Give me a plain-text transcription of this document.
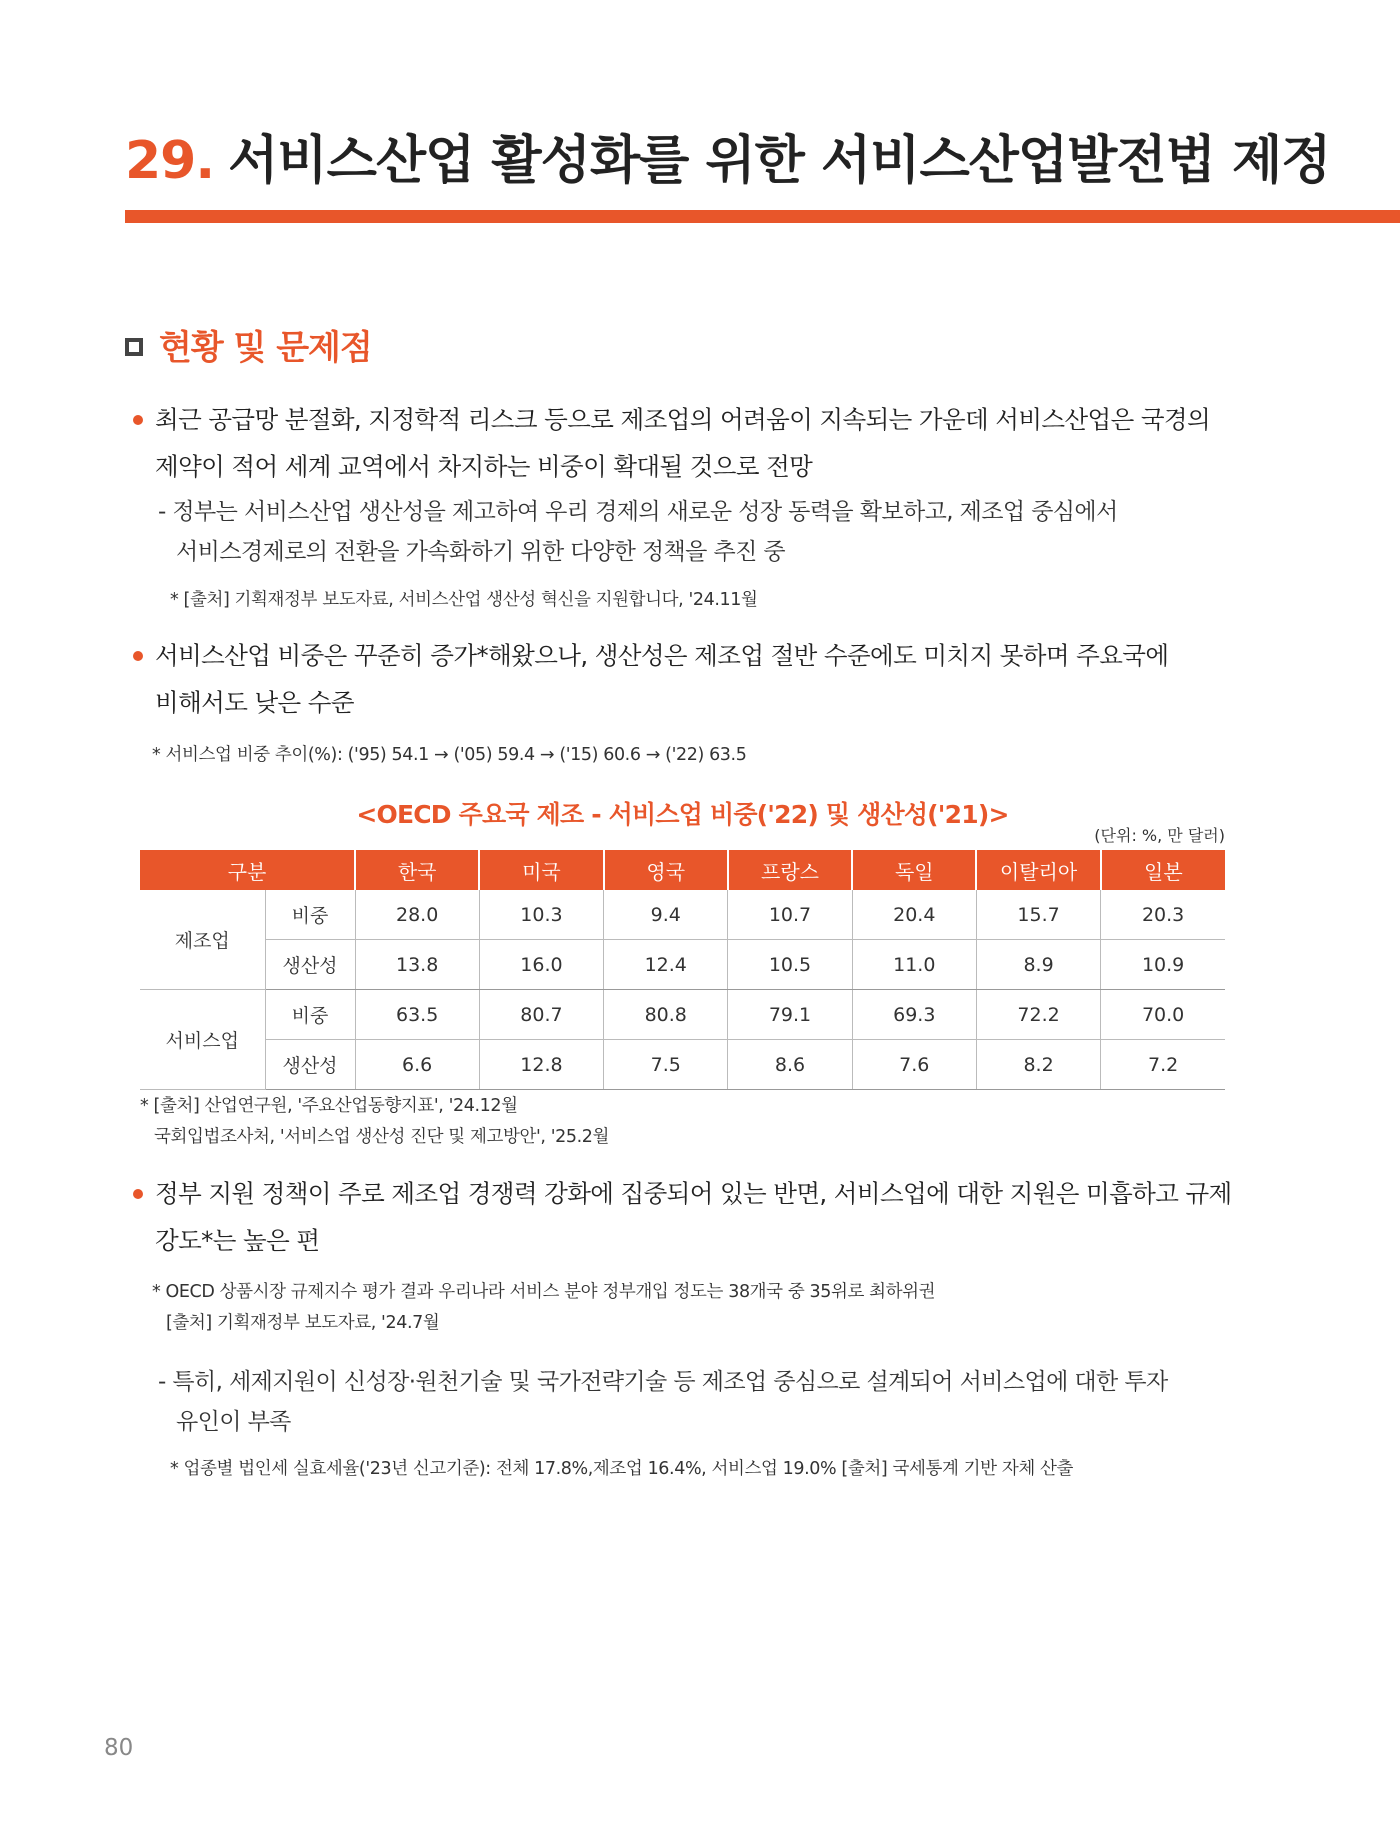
29. 서비스산업 활성화를 위한 서비스산업발전법 제정
현황 및 문제점
최근 공급망 분절화, 지정학적 리스크 등으로 제조업의 어려움이 지속되는 가운데 서비스산업은 국경의
제약이 적어 세계 교역에서 차지하는 비중이 확대될 것으로 전망
- 정부는 서비스산업 생산성을 제고하여 우리 경제의 새로운 성장 동력을 확보하고, 제조업 중심에서
서비스경제로의 전환을 가속화하기 위한 다양한 정책을 추진 중
* [출처] 기획재정부 보도자료, 서비스산업 생산성 혁신을 지원합니다, '24.11월
서비스산업 비중은 꾸준히 증가*해왔으나, 생산성은 제조업 절반 수준에도 미치지 못하며 주요국에
비해서도 낮은 수준
* 서비스업 비중 추이(%): ('95) 54.1 → ('05) 59.4 → ('15) 60.6 → ('22) 63.5
<OECD 주요국 제조 - 서비스업 비중('22) 및 생산성('21)>
(단위: %, 만 달러)
구분		한국	미국	영국	프랑스	독일	이탈리아	일본
제조업	비중	28.0	10.3	9.4	10.7	20.4	15.7	20.3
	생산성	13.8	16.0	12.4	10.5	11.0	8.9	10.9
서비스업	비중	63.5	80.7	80.8	79.1	69.3	72.2	70.0
	생산성	6.6	12.8	7.5	8.6	7.6	8.2	7.2
* [출처] 산업연구원, '주요산업동향지표', '24.12월
국회입법조사처, '서비스업 생산성 진단 및 제고방안', '25.2월
정부 지원 정책이 주로 제조업 경쟁력 강화에 집중되어 있는 반면, 서비스업에 대한 지원은 미흡하고 규제
강도*는 높은 편
* OECD 상품시장 규제지수 평가 결과 우리나라 서비스 분야 정부개입 정도는 38개국 중 35위로 최하위권
[출처] 기획재정부 보도자료, '24.7월
- 특히, 세제지원이 신성장·원천기술 및 국가전략기술 등 제조업 중심으로 설계되어 서비스업에 대한 투자
유인이 부족
* 업종별 법인세 실효세율('23년 신고기준): 전체 17.8%,제조업 16.4%, 서비스업 19.0% [출처] 국세통계 기반 자체 산출
80
